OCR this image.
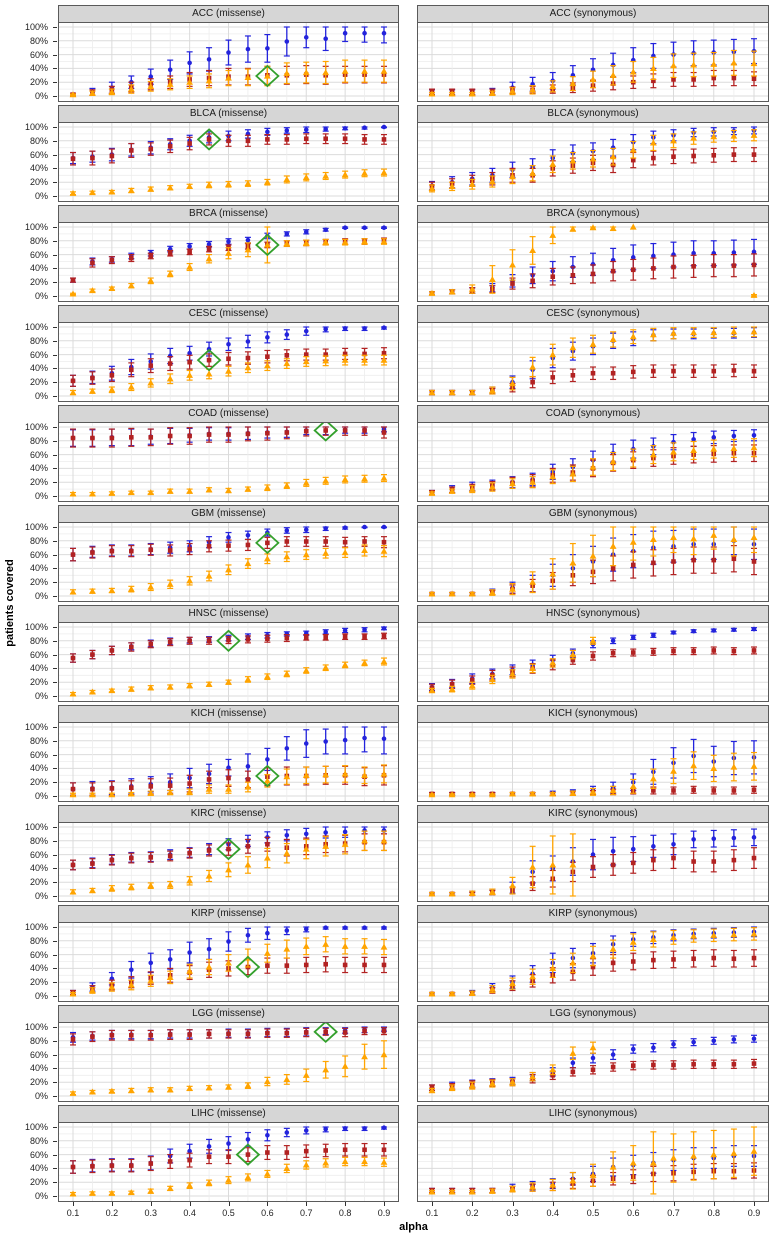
patients covered
ACC (missense)	ACC (synonymous)
BLCA (missense)	BLCA (synonymous)
BRCA (missense)	BRCA (synonymous)
CESC (missense)	CESC (synonymous)
COAD (missense)	COAD (synonymous)
GBM (missense)	GBM (synonymous)
HNSC (missense)	HNSC (synonymous)
KICH (missense)	KICH (synonymous)
KIRC (missense)	KIRC (synonymous)
KIRP (missense)	KIRP (synonymous)
LGG (missense)	LGG (synonymous)
LIHC (missense)	LIHC (synonymous)
alpha
100%
80%
60%
40%
20%
0%
100%
80%
60%
40%
20%
0%
100%
80%
60%
40%
20%
0%
100%
80%
60%
40%
20%
0%
100%
80%
60%
40%
20%
0%
100%
80%
60%
40%
20%
0%
100%
80%
60%
40%
20%
0%
100%
80%
60%
40%
20%
0%
100%
80%
60%
40%
20%
0%
100%
80%
60%
40%
20%
0%
100%
80%
60%
40%
20%
0%
100%
80%
60%
40%
20%
0%
0.1	0.2	0.3	0.4	0.5	0.6	0.7	0.8	0.9	0.1	0.2	0.3	0.4	0.5	0.6	0.7	0.8	0.9
